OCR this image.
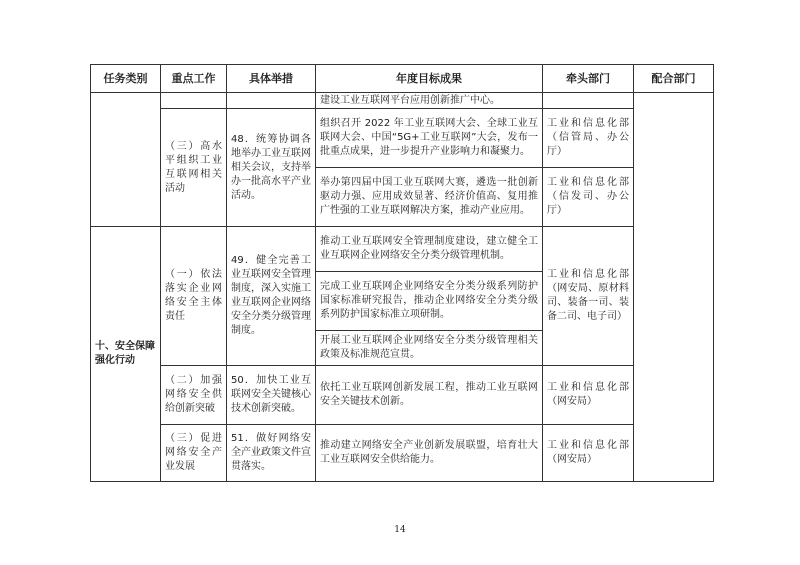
任务类别	重点工作	具体举措	年度目标成果	牵头部门	配合部门
			建设工业互联网平台应用创新推广中心。		
	（三）高水平组织工业互联网相关活动	48．统筹协调各地举办工业互联网相关会议，支持举办一批高水平产业活动。	组织召开 2022 年工业互联网大会、全球工业互联网大会、中国“5G+工业互联网”大会，发布一批重点成果，进一步提升产业影响力和凝聚力。	工业和信息化部（信管局、办公厅）	
			举办第四届中国工业互联网大赛，遴选一批创新驱动力强、应用成效显著、经济价值高、复用推广性强的工业互联网解决方案，推动产业应用。	工业和信息化部（信发司、办公厅）	
十、安全保障强化行动	（一）依法落实企业网络安全主体责任	49．健全完善工业互联网安全管理制度，深入实施工业互联网企业网络安全分类分级管理制度。	推动工业互联网安全管理制度建设，建立健全工业互联网企业网络安全分类分级管理机制。	工业和信息化部（网安局、原材料司、装备一司、装备二司、电子司）	
			完成工业互联网企业网络安全分类分级系列防护国家标准研究报告，推动企业网络安全分类分级系列防护国家标准立项研制。		
			开展工业互联网企业网络安全分类分级管理相关政策及标准规范宣贯。		
	（二）加强网络安全供给创新突破	50．加快工业互联网安全关键核心技术创新突破。	依托工业互联网创新发展工程，推动工业互联网安全关键技术创新。	工业和信息化部（网安局）	
	（三）促进网络安全产业发展	51．做好网络安全产业政策文件宣贯落实。	推动建立网络安全产业创新发展联盟，培育壮大工业互联网安全供给能力。	工业和信息化部（网安局）	
14
